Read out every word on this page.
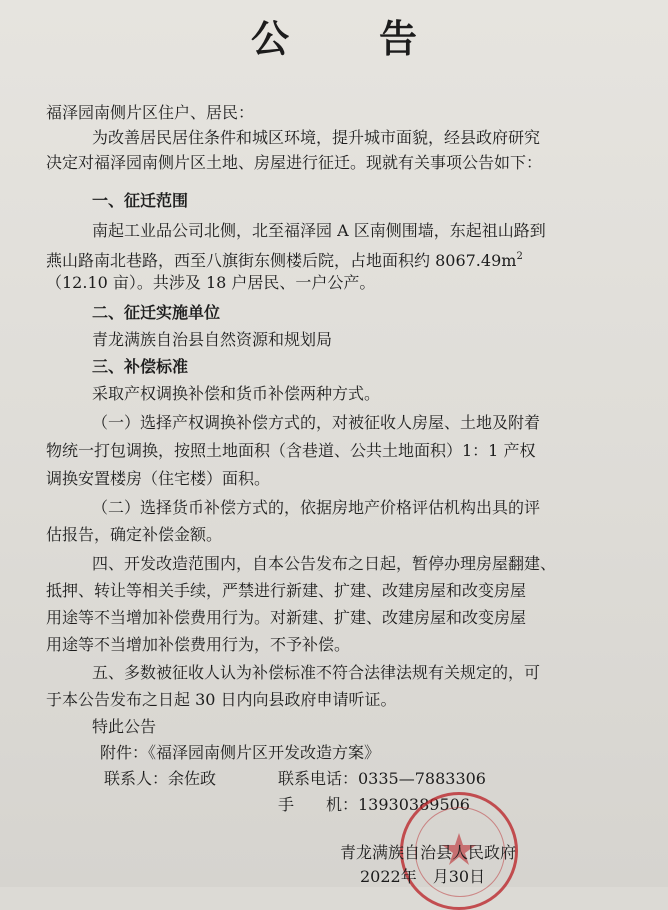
公　告
福泽园南侧片区住户、居民：
为改善居民居住条件和城区环境，提升城市面貌，经县政府研究
决定对福泽园南侧片区土地、房屋进行征迁。现就有关事项公告如下：
一、征迁范围
南起工业品公司北侧，北至福泽园 A 区南侧围墙，东起祖山路到
燕山路南北巷路，西至八旗街东侧楼后院，占地面积约 $8067.49m^2$
（12.10 亩）。共涉及 18 户居民、一户公产。
二、征迁实施单位
青龙满族自治县自然资源和规划局
三、补偿标准
采取产权调换补偿和货币补偿两种方式。
（一）选择产权调换补偿方式的，对被征收人房屋、土地及附着
物统一打包调换，按照土地面积（含巷道、公共土地面积）1：1 产权
调换安置楼房（住宅楼）面积。
（二）选择货币补偿方式的，依据房地产价格评估机构出具的评
估报告，确定补偿金额。
四、开发改造范围内，自本公告发布之日起，暂停办理房屋翻建、
抵押、转让等相关手续，严禁进行新建、扩建、改建房屋和改变房屋
用途等不当增加补偿费用行为。对新建、扩建、改建房屋和改变房屋
用途等不当增加补偿费用行为，不予补偿。
五、多数被征收人认为补偿标准不符合法律法规有关规定的，可
于本公告发布之日起 30 日内向县政府申请听证。
特此公告
附件：《福泽园南侧片区开发改造方案》
联系人：余佐政	联系电话：0335—7883306
手　　机：13930389506
青龙满族自治县人民政府
2022年　月30日
